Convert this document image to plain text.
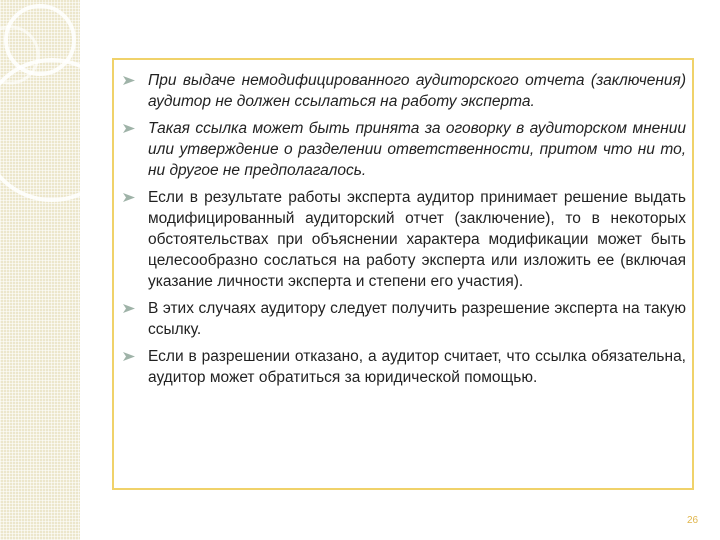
При выдаче немодифицированного аудиторского отчета (заключения) аудитор не должен ссылаться на работу эксперта.
Такая ссылка может быть принята за оговорку в аудиторском мнении или утверждение о разделении ответственности, притом что ни то, ни другое не предполагалось.
Если в результате работы эксперта аудитор принимает решение выдать модифицированный аудиторский отчет (заключение), то в некоторых обстоятельствах при объяснении характера модификации может быть целесообразно сослаться на работу эксперта или изложить ее (включая указание личности эксперта и степени его участия).
В этих случаях аудитору следует получить разрешение эксперта на такую ссылку.
Если в разрешении отказано, а аудитор считает, что ссылка обязательна, аудитор может обратиться за юридической помощью.
26
